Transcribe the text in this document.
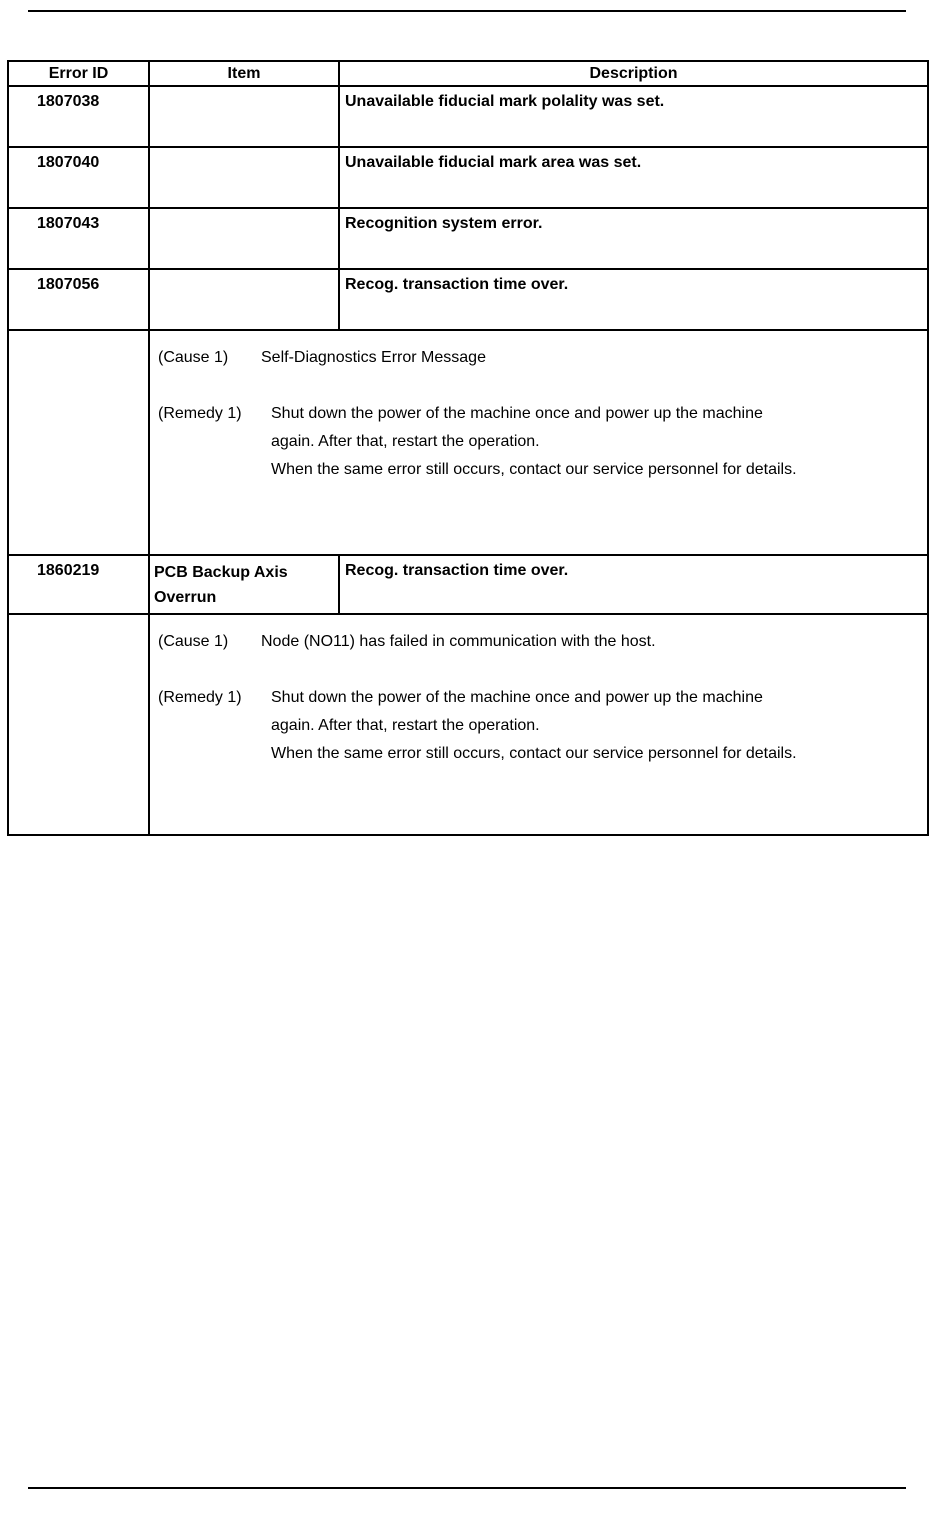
Error ID	Item	Description
1807038		Unavailable fiducial mark polality was set.
1807040		Unavailable fiducial mark area was set.
1807043		Recognition system error.
1807056		Recog. transaction time over.

(Cause 1)	Self-Diagnostics Error Message
(Remedy 1)	Shut down the power of the machine once and power up the machine
again. After that, restart the operation.
When the same error still occurs, contact our service personnel for details.

1860219	PCB Backup Axis Overrun	Recog. transaction time over.

(Cause 1)	Node (NO11) has failed in communication with the host.
(Remedy 1)	Shut down the power of the machine once and power up the machine
again. After that, restart the operation.
When the same error still occurs, contact our service personnel for details.
